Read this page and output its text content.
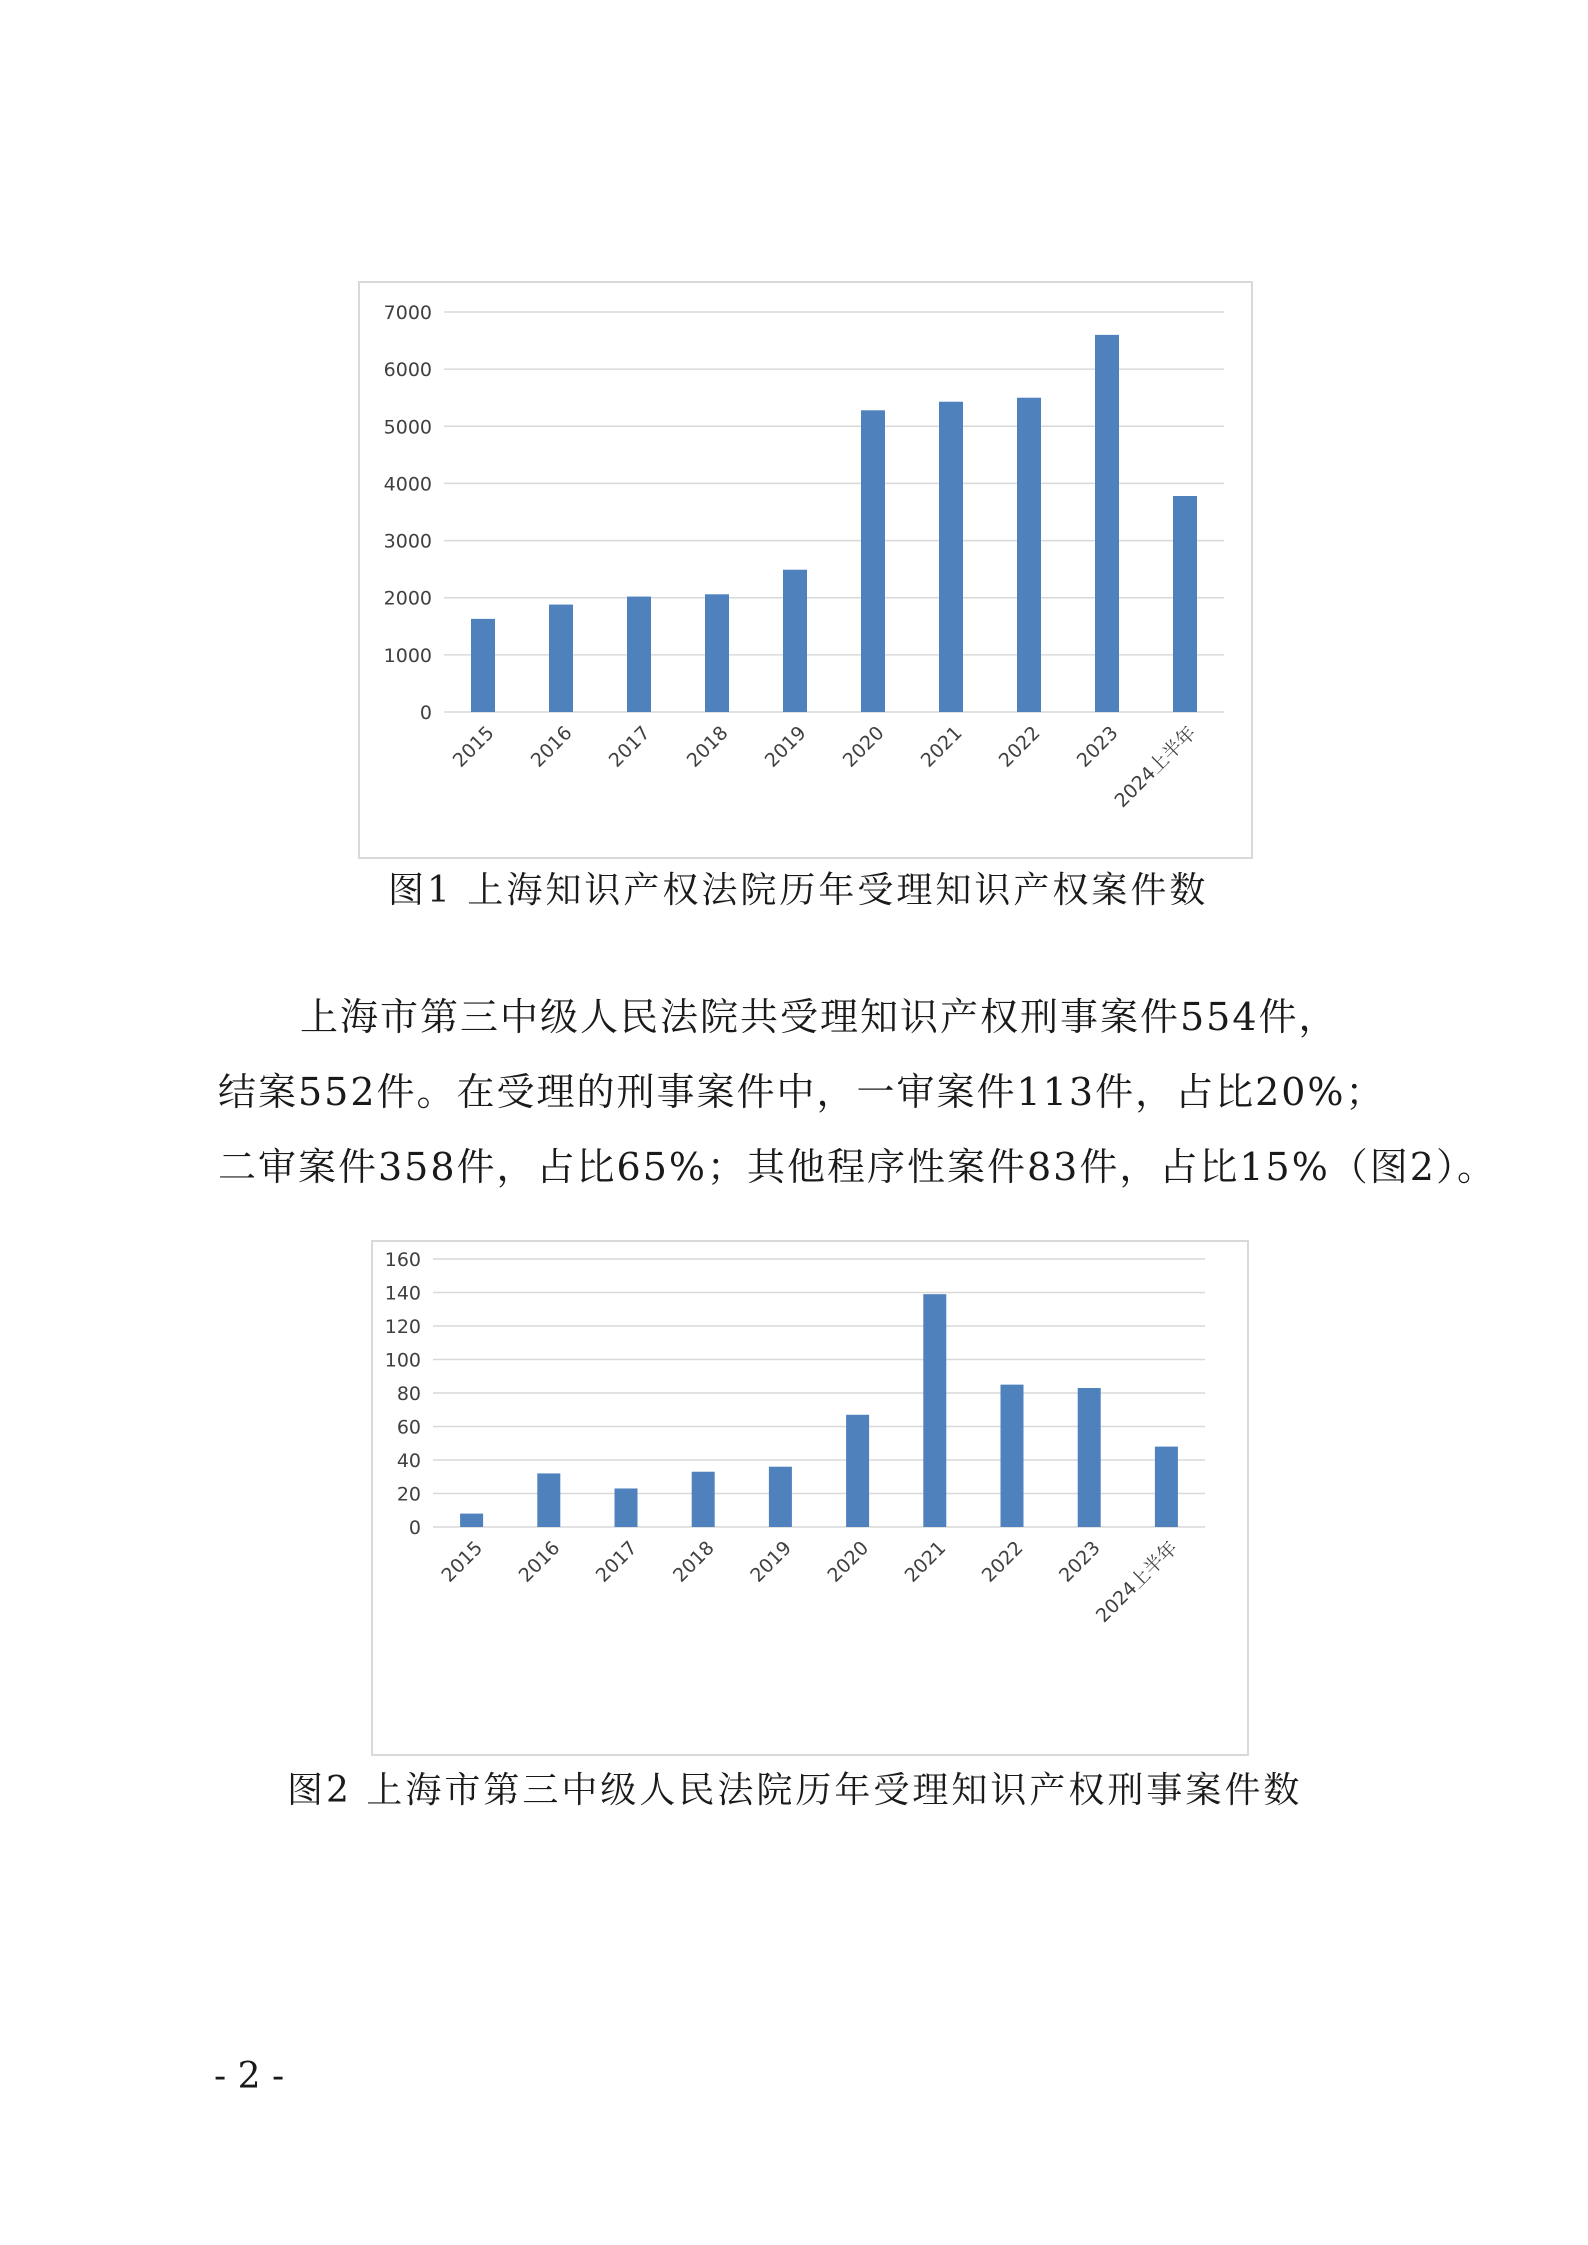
0
1000
2000
3000
4000
5000
6000
7000
2015 2016 2017 2018 2019 2020 2021 2022 2023
2024上半年
图1 上海知识产权法院历年受理知识产权案件数
上海市第三中级人民法院共受理知识产权刑事案件554件，
结案552件。在受理的刑事案件中，一审案件113件，占比20%；
二审案件358件，占比65%；其他程序性案件83件，占比15%（图2）。
0
20
40
60
80
100
120
140
160
2015 2016 2017 2018 2019 2020 2021 2022 2023
2024上半年
图2 上海市第三中级人民法院历年受理知识产权刑事案件数
- 2 -
